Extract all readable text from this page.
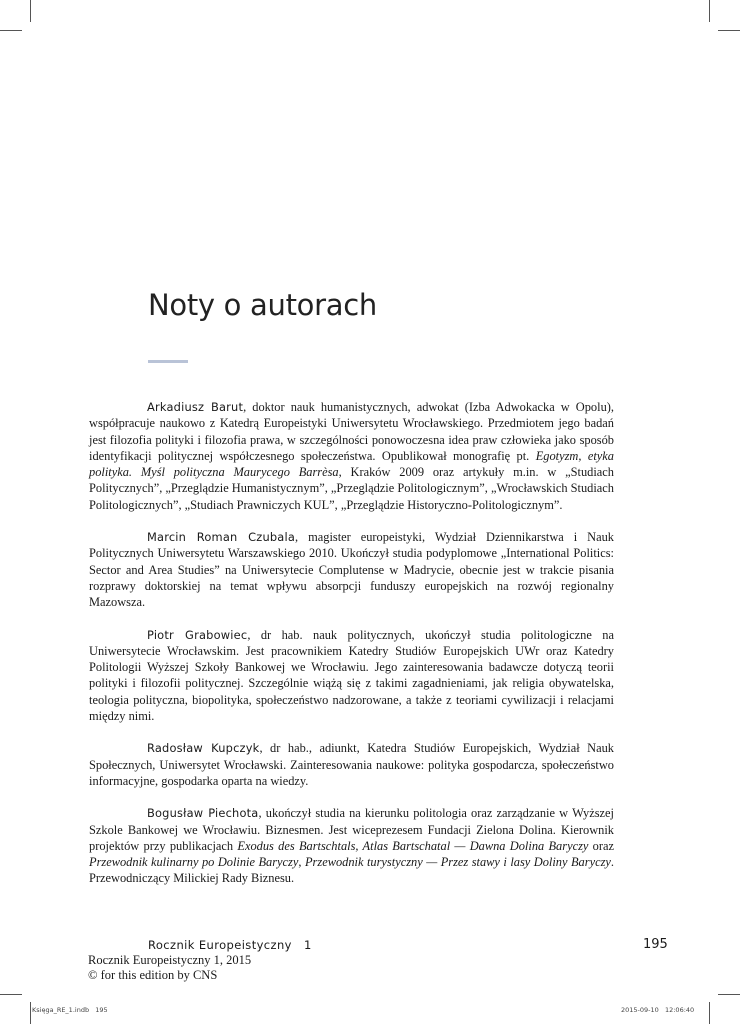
Noty o autorach

Arkadiusz Barut, doktor nauk humanistycznych, adwokat (Izba Adwokacka w Opolu), współpracuje naukowo z Katedrą Europeistyki Uniwersytetu Wrocławskiego. Przedmiotem jego badań jest filozofia polityki i filozofia prawa, w szczególności ponowoczesna idea praw człowieka jako sposób identyfikacji politycznej współczesnego społeczeństwa. Opublikował monografię pt. Egotyzm, etyka polityka. Myśl polityczna Maurycego Barrèsa, Kraków 2009 oraz artykuły m.in. w „Studiach Politycznych”, „Przeglądzie Humanistycznym”, „Przeglądzie Politologicznym”, „Wrocławskich Studiach Politologicznych”, „Studiach Prawniczych KUL”, „Przeglądzie Historyczno-Politologicznym”.

Marcin Roman Czubala, magister europeistyki, Wydział Dziennikarstwa i Nauk Politycznych Uniwersytetu Warszawskiego 2010. Ukończył studia podyplomowe „International Politics: Sector and Area Studies” na Uniwersytecie Complutense w Madrycie, obecnie jest w trakcie pisania rozprawy doktorskiej na temat wpływu absorpcji funduszy europejskich na rozwój regionalny Mazowsza.

Piotr Grabowiec, dr hab. nauk politycznych, ukończył studia politologiczne na Uniwersytecie Wrocławskim. Jest pracownikiem Katedry Studiów Europejskich UWr oraz Katedry Politologii Wyższej Szkoły Bankowej we Wrocławiu. Jego zainteresowania badawcze dotyczą teorii polityki i filozofii politycznej. Szczególnie wiążą się z takimi zagadnieniami, jak religia obywatelska, teologia polityczna, biopolityka, społeczeństwo nadzorowane, a także z teoriami cywilizacji i relacjami między nimi.

Radosław Kupczyk, dr hab., adiunkt, Katedra Studiów Europejskich, Wydział Nauk Społecznych, Uniwersytet Wrocławski. Zainteresowania naukowe: polityka gospodarcza, społeczeństwo informacyjne, gospodarka oparta na wiedzy.

Bogusław Piechota, ukończył studia na kierunku politologia oraz zarządzanie w Wyższej Szkole Bankowej we Wrocławiu. Biznesmen. Jest wiceprezesem Fundacji Zielona Dolina. Kierownik projektów przy publikacjach Exodus des Bartschtals, Atlas Bartschatal — Dawna Dolina Baryczy oraz Przewodnik kulinarny po Dolinie Baryczy, Przewodnik turystyczny — Przez stawy i lasy Doliny Baryczy. Przewodniczący Milickiej Rady Biznesu.

Rocznik Europeistyczny   1	195
Rocznik Europeistyczny 1, 2015
© for this edition by CNS
Księga_RE_1.indb   195	2015-09-10   12:06:40
